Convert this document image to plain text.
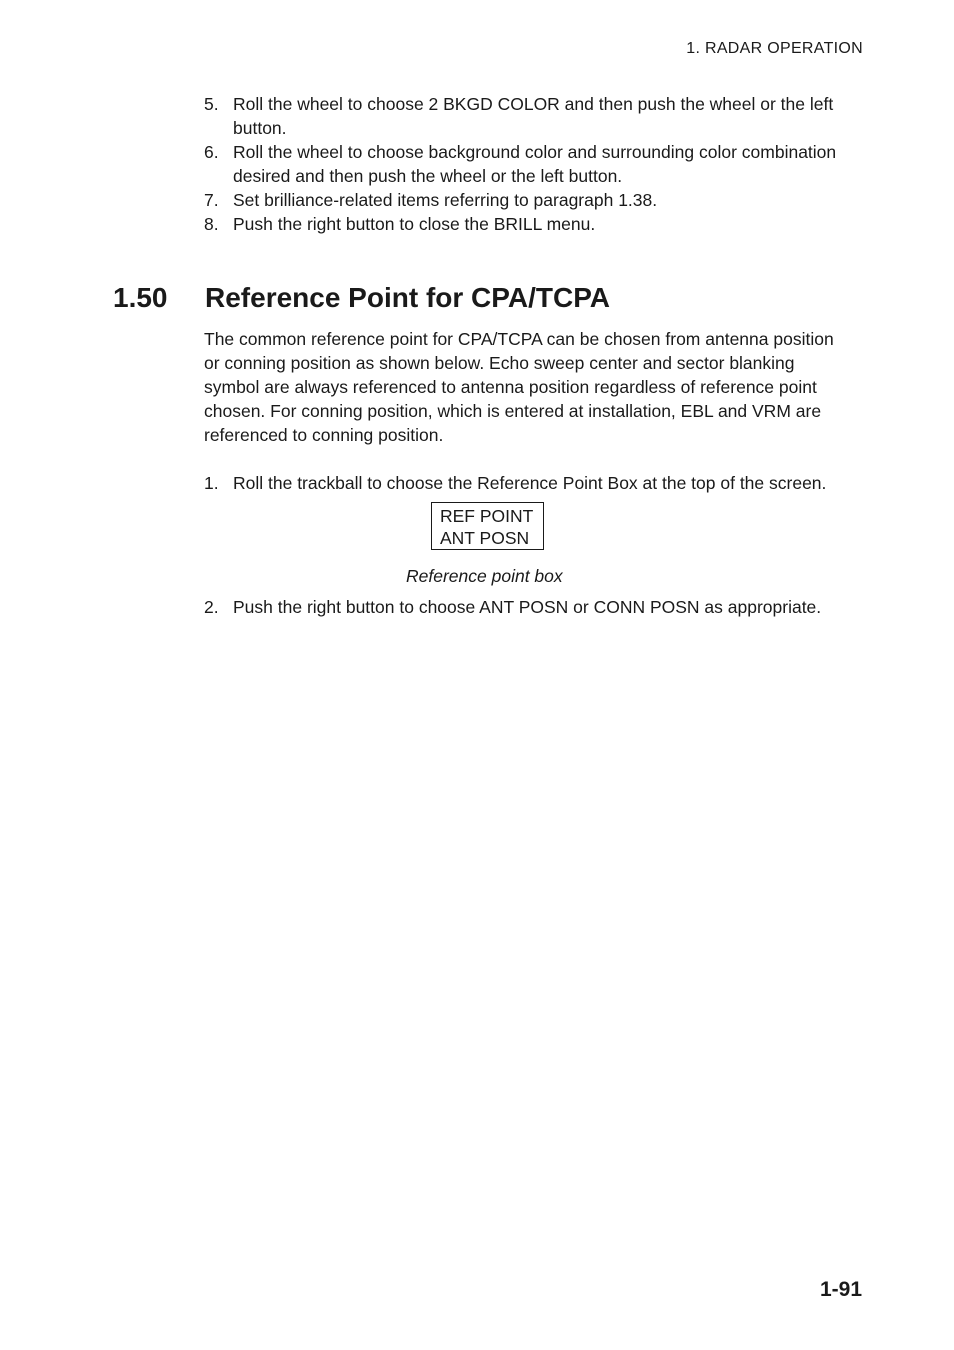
1. RADAR OPERATION
5. Roll the wheel to choose 2 BKGD COLOR and then push the wheel or the left button.
6. Roll the wheel to choose background color and surrounding color combination desired and then push the wheel or the left button.
7. Set brilliance-related items referring to paragraph 1.38.
8. Push the right button to close the BRILL menu.
1.50 Reference Point for CPA/TCPA

The common reference point for CPA/TCPA can be chosen from antenna position or conning position as shown below. Echo sweep center and sector blanking symbol are always referenced to antenna position regardless of reference point chosen. For conning position, which is entered at installation, EBL and VRM are referenced to conning position.

1. Roll the trackball to choose the Reference Point Box at the top of the screen.
REF POINT
ANT POSN
Reference point box
2. Push the right button to choose ANT POSN or CONN POSN as appropriate.
1-91
